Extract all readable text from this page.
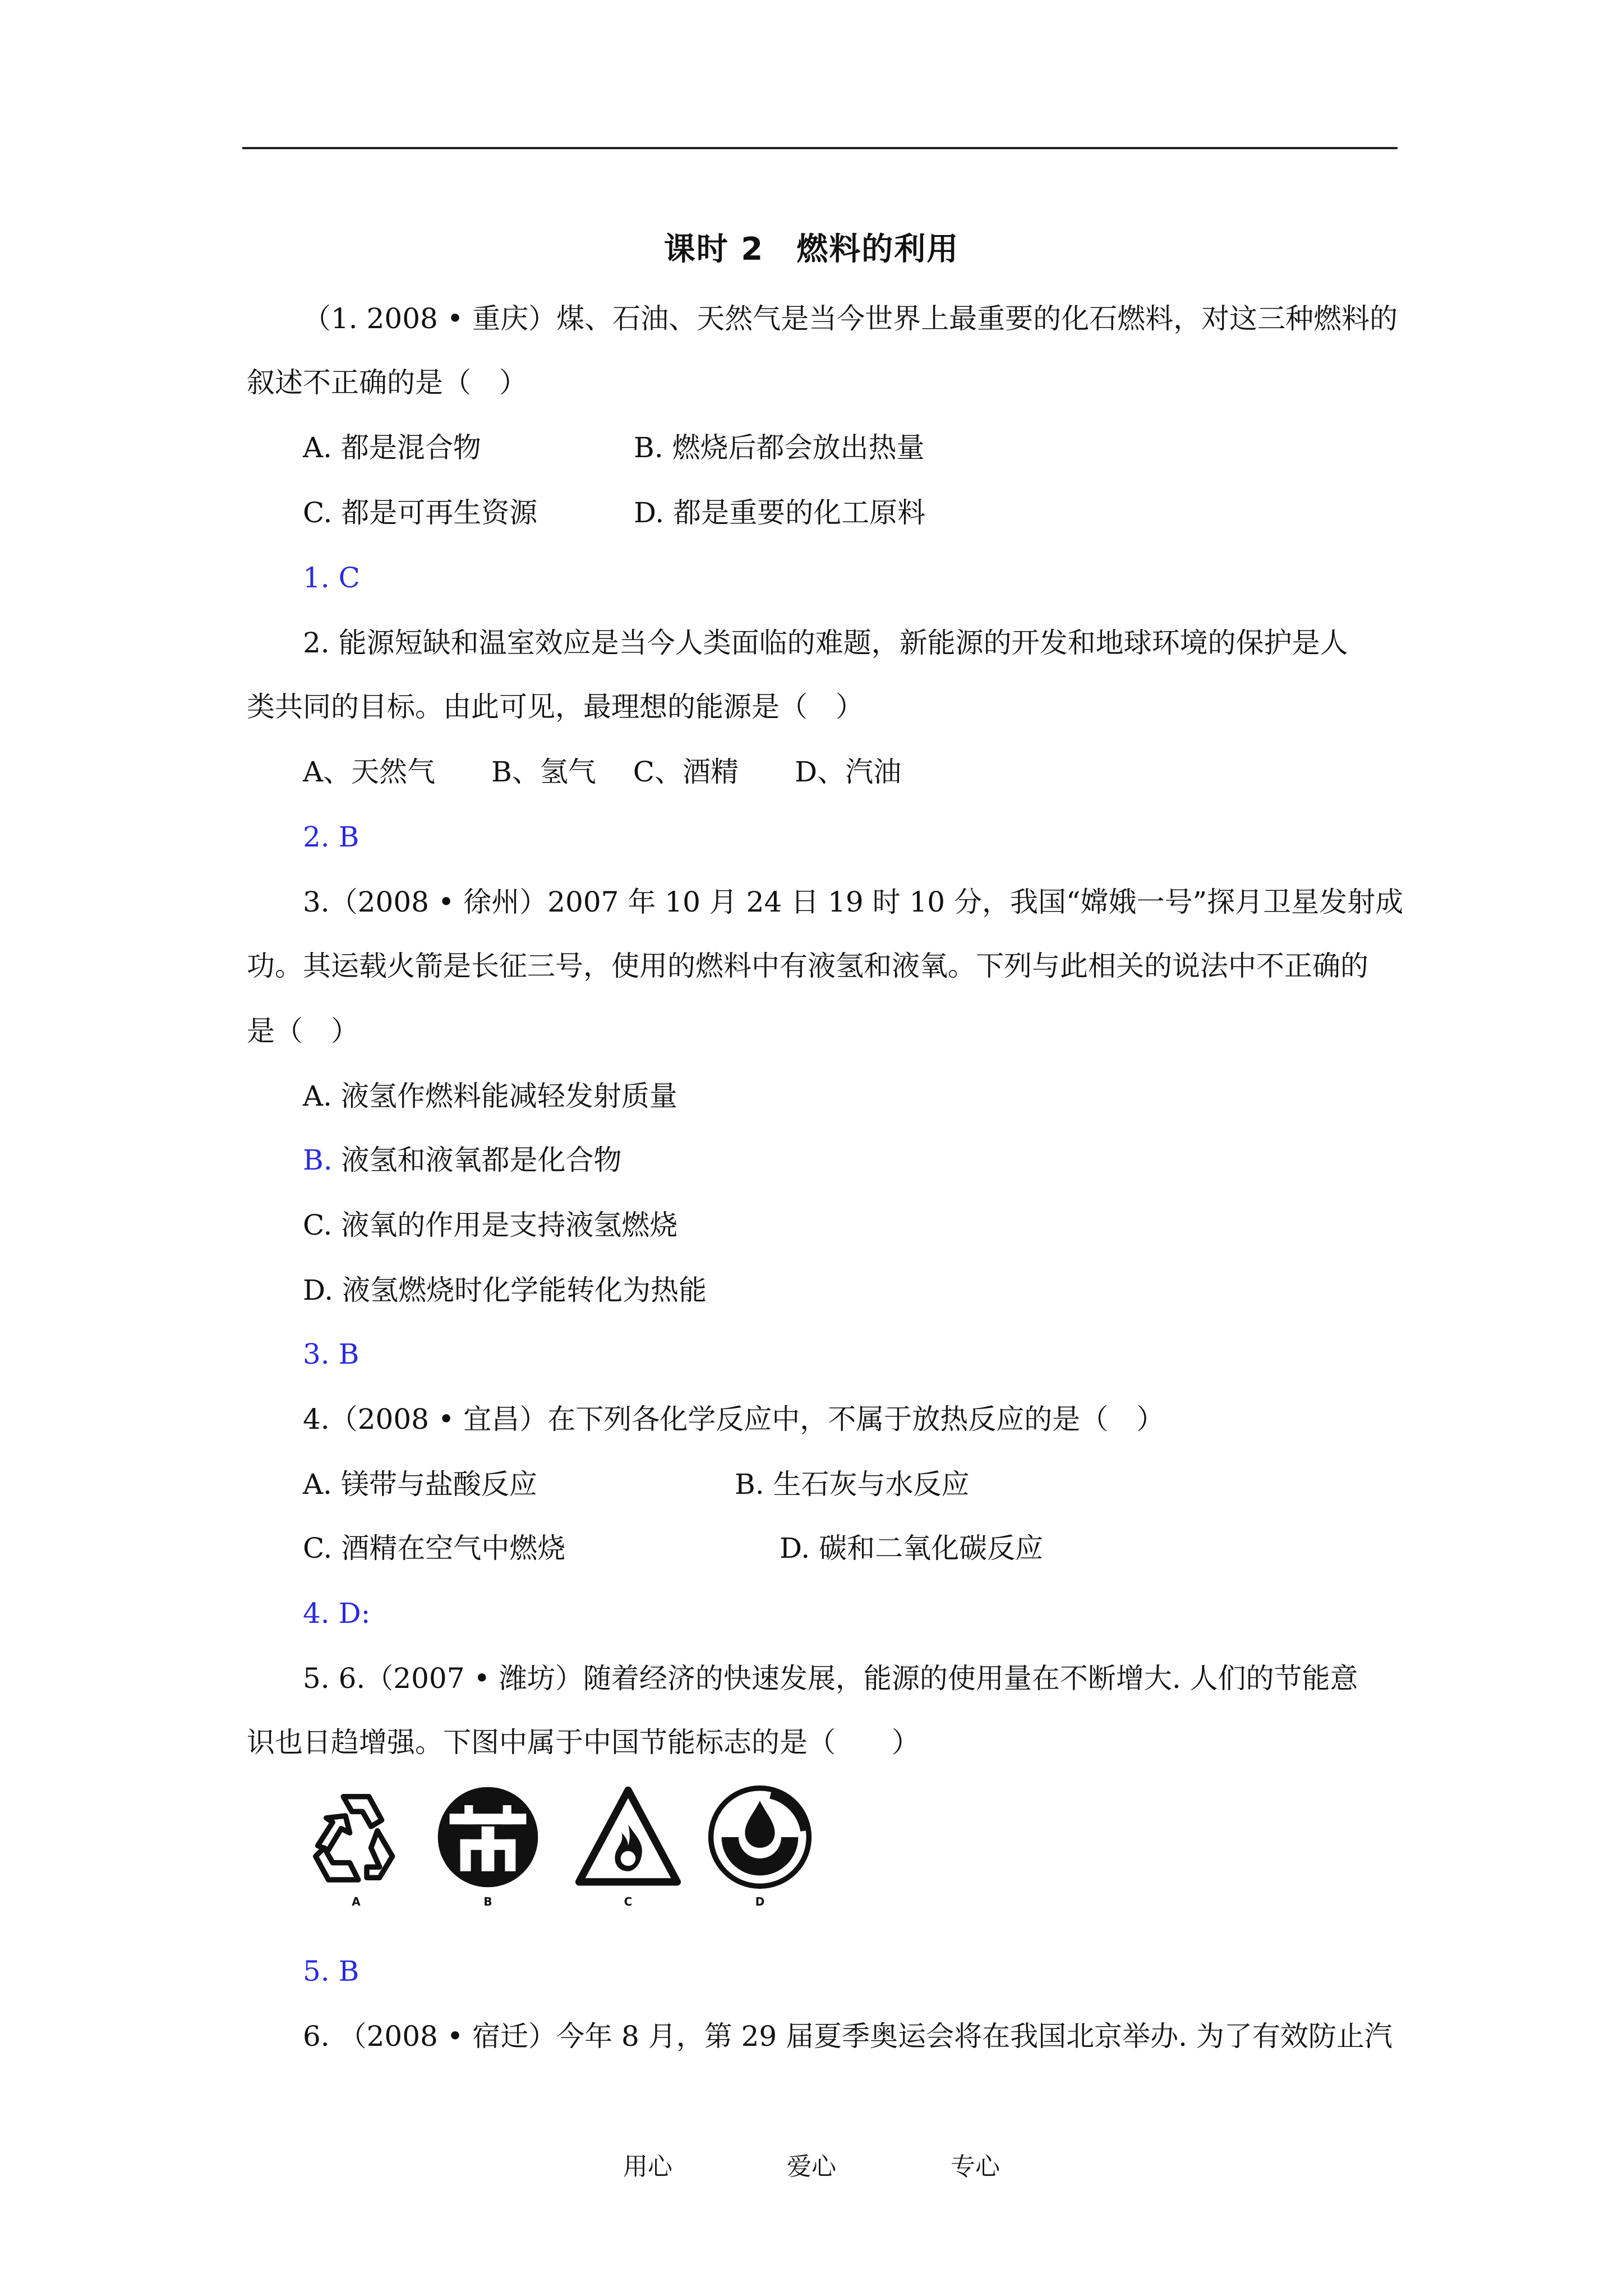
课时 2　燃料的利用
（1. 2008 • 重庆）煤、石油、天然气是当今世界上最重要的化石燃料，对这三种燃料的
叙述不正确的是（　）
A. 都是混合物	B. 燃烧后都会放出热量
C. 都是可再生资源	D. 都是重要的化工原料
1. C
2. 能源短缺和温室效应是当今人类面临的难题，新能源的开发和地球环境的保护是人
类共同的目标。由此可见，最理想的能源是（　）
A、天然气　　B、氢气　 C、酒精　　D、汽油
2. B
3.（2008 • 徐州）2007 年 10 月 24 日 19 时 10 分，我国“嫦娥一号”探月卫星发射成
功。其运载火箭是长征三号，使用的燃料中有液氢和液氧。下列与此相关的说法中不正确的
是（　）
A. 液氢作燃料能减轻发射质量
B. 液氢和液氧都是化合物
C. 液氧的作用是支持液氢燃烧
D. 液氢燃烧时化学能转化为热能
3. B
4.（2008 • 宜昌）在下列各化学反应中，不属于放热反应的是（　）
A. 镁带与盐酸反应	B. 生石灰与水反应
C. 酒精在空气中燃烧	D. 碳和二氧化碳反应
4. D:
5. 6.（2007 • 潍坊）随着经济的快速发展，能源的使用量在不断增大. 人们的节能意
识也日趋增强。下图中属于中国节能标志的是（　　）
A	B	C	D
5. B
6. （2008 • 宿迁）今年 8 月，第 29 届夏季奥运会将在我国北京举办. 为了有效防止汽
用心	爱心	专心
